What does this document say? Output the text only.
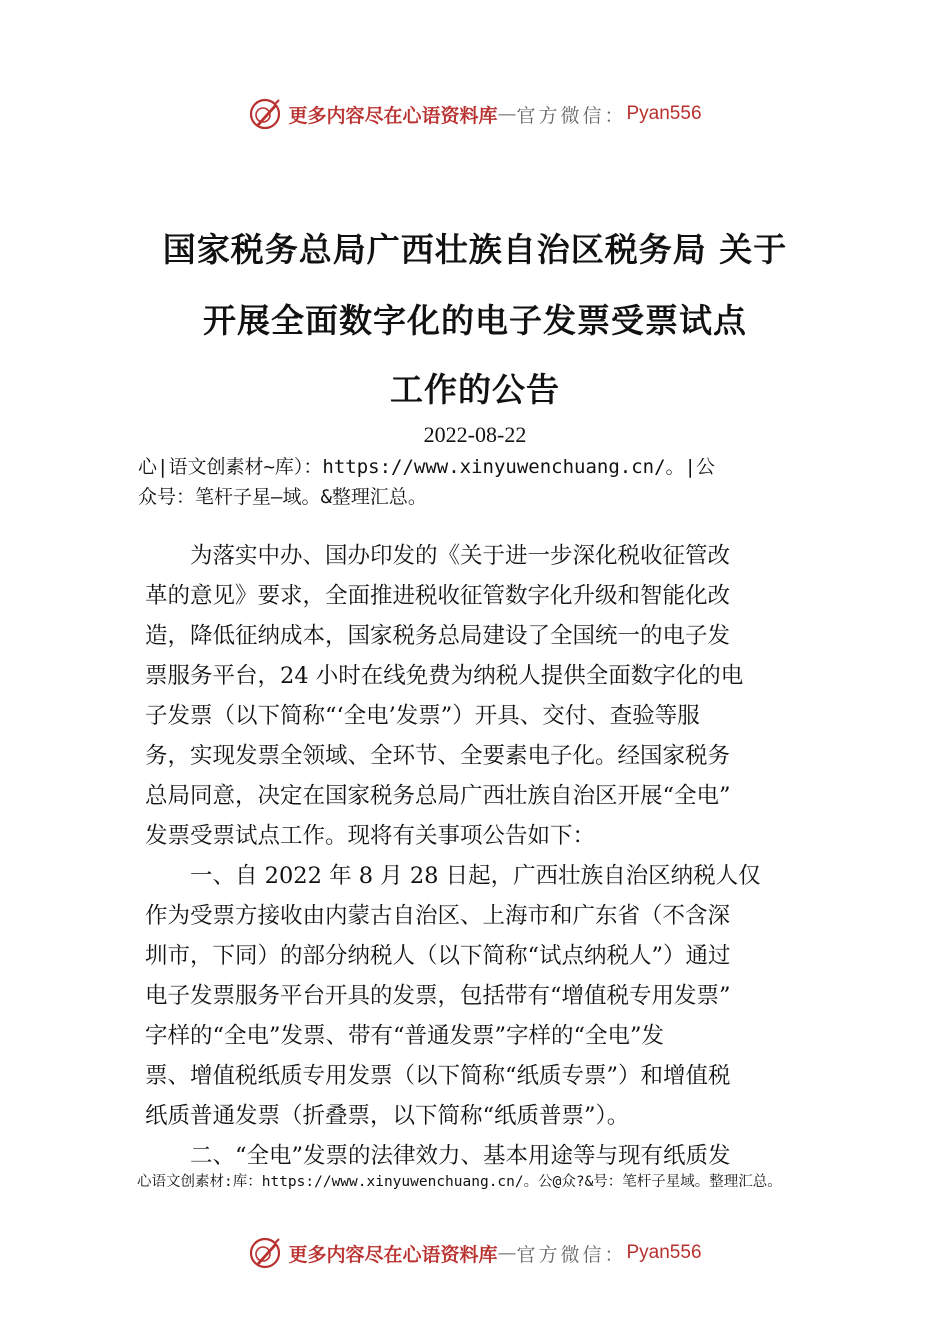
更多内容尽在心语资料库 — 官方微信： Pyan556
国家税务总局广西壮族自治区税务局 关于
开展全面数字化的电子发票受票试点
工作的公告
2022-08-22
心|语文创素材~库）：https://www.xinyuwenchuang.cn/。|公
众号：笔杆子星—域。&整理汇总。
为落实中办、国办印发的《关于进一步深化税收征管改
革的意见》要求，全面推进税收征管数字化升级和智能化改
造，降低征纳成本，国家税务总局建设了全国统一的电子发
票服务平台，24 小时在线免费为纳税人提供全面数字化的电
子发票（以下简称“‘全电’发票”）开具、交付、查验等服
务，实现发票全领域、全环节、全要素电子化。经国家税务
总局同意，决定在国家税务总局广西壮族自治区开展“全电”
发票受票试点工作。现将有关事项公告如下：
一、自 2022 年 8 月 28 日起，广西壮族自治区纳税人仅
作为受票方接收由内蒙古自治区、上海市和广东省（不含深
圳市，下同）的部分纳税人（以下简称“试点纳税人”）通过
电子发票服务平台开具的发票，包括带有“增值税专用发票”
字样的“全电”发票、带有“普通发票”字样的“全电”发
票、增值税纸质专用发票（以下简称“纸质专票”）和增值税
纸质普通发票（折叠票，以下简称“纸质普票”）。
二、“全电”发票的法律效力、基本用途等与现有纸质发
心语文创素材:库：https://www.xinyuwenchuang.cn/。公@众?&号：笔杆子星域。整理汇总。
更多内容尽在心语资料库 — 官方微信： Pyan556
